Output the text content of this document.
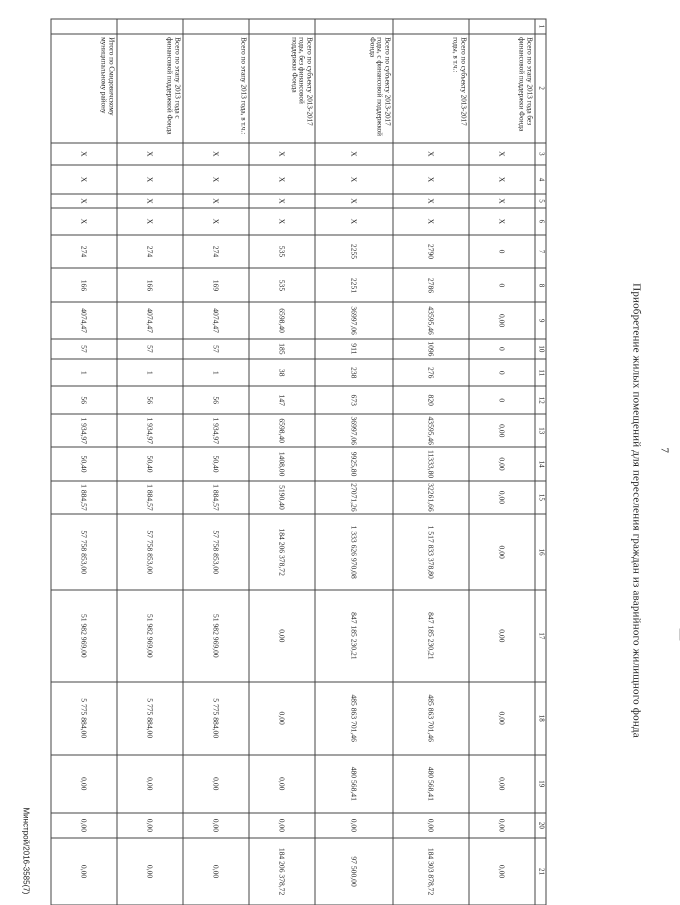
7
Приобретение жилых помещений для переселения граждан из аварийного жилищного фонда
1	2	3	4	5	6	7	8	9	10	11	12	13	14	15	16	17	18	19	20	21
	Всего по этапу 2013 года без финансовой поддержки Фонда	Х	Х	Х	Х	0	0	0,00	0	0	0	0,00	0,00	0,00	0,00	0,00	0,00	0,00	0,00	0,00
	Всего по субъекту 2013-2017 годы, в т.ч.:	Х	Х	Х	Х	2790	2786	43595,46	1096	276	820	43595,46	11333,80	32261,66	1 517 833 378,80	847 185 230,21	485 863 701,46	480 568,41	0,00	184 303 878,72
	Всего по субъекту 2013-2017 годы, с финансовой поддержкой Фонда	Х	Х	Х	Х	2255	2251	36997,06	911	238	673	36997,06	9925,80	27071,26	1 333 626 970,08	847 185 230,21	485 863 701,46	480 568,41	0,00	97 500,00
	Всего по субъекту 2013-2017 годы, без финансовой поддержки Фонда	Х	Х	Х	Х	535	535	6598,40	185	38	147	6598,40	1408,00	5190,40	184 206 378,72	0,00	0,00	0,00	0,00	184 206 378,72
	Всего по этапу 2013 года, в т.ч.:	Х	Х	Х	Х	274	169	4074,47	57	1	56	1 934,97	50,40	1 884,57	57 758 853,00	51 982 969,00	5 775 884,00	0,00	0,00	0,00
	Всего по этапу 2013 года с финансовой поддержкой Фонда	Х	Х	Х	Х	274	166	4074,47	57	1	56	1 934,97	50,40	1 884,57	57 758 853,00	51 982 969,00	5 775 884,00	0,00	0,00	0,00
	Итого по Смидовичскому муниципальному району	Х	Х	Х	Х	274	166	4074,47	57	1	56	1 934,97	50,40	1 884,57	57 758 853,00	51 982 969,00	5 775 884,00	0,00	0,00	0,00
Минстрой/2016-3585(7)
